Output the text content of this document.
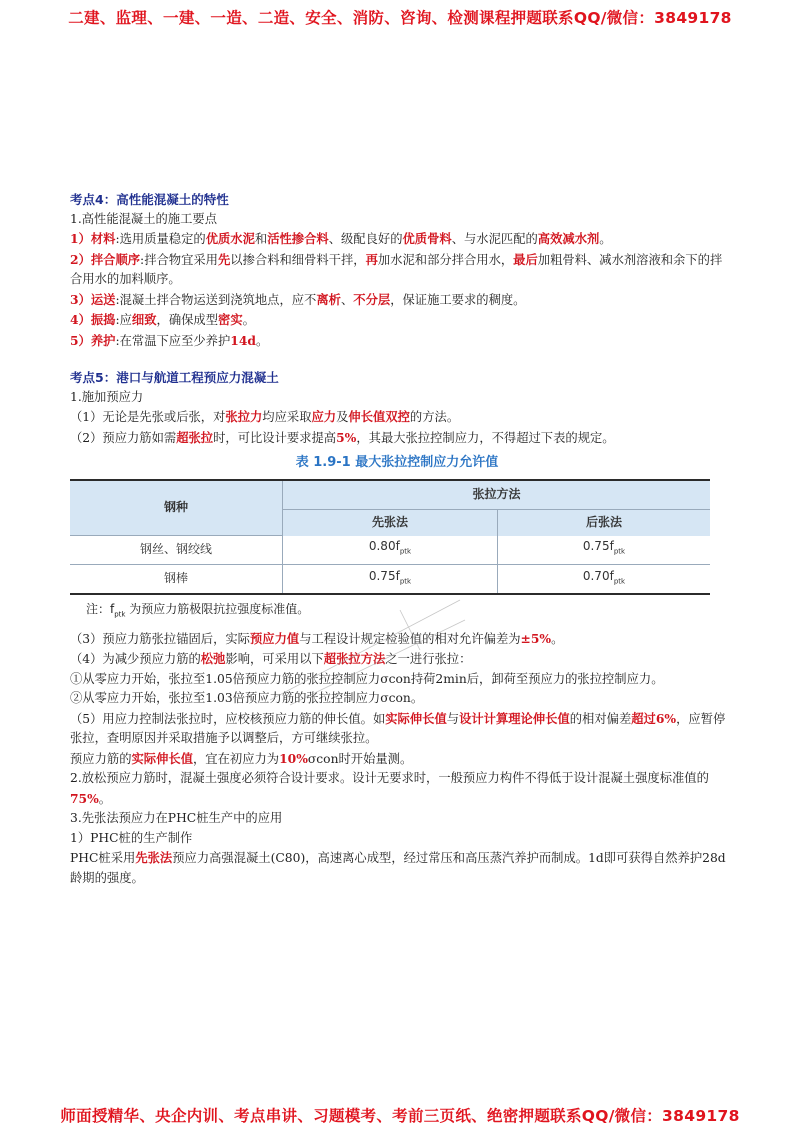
二建、监理、一建、一造、二造、安全、消防、咨询、检测课程押题联系QQ/微信：3849178
考点4：高性能混凝土的特性
1.高性能混凝土的施工要点
1）材料:选用质量稳定的优质水泥和活性掺合料、级配良好的优质骨料、与水泥匹配的高效减水剂。
2）拌合顺序:拌合物宜采用先以掺合料和细骨料干拌，再加水泥和部分拌合用水，最后加粗骨料、减水剂溶液和余下的拌合用水的加料顺序。
3）运送:混凝土拌合物运送到浇筑地点，应不离析、不分层，保证施工要求的稠度。
4）振捣:应细致，确保成型密实。
5）养护:在常温下应至少养护14d。
考点5：港口与航道工程预应力混凝土
1.施加预应力
（1）无论是先张或后张，对张拉力均应采取应力及伸长值双控的方法。
（2）预应力筋如需超张拉时，可比设计要求提高5%，其最大张拉控制应力，不得超过下表的规定。
表 1.9-1 最大张拉控制应力允许值
钢种	张拉方法	
	先张法	后张法
钢丝、钢绞线	$0.80f_{ptk}$	$0.75f_{ptk}$
钢棒	$0.75f_{ptk}$	$0.70f_{ptk}$
注：$f_{ptk}$ 为预应力筋极限抗拉强度标准值。
（3）预应力筋张拉锚固后，实际预应力值与工程设计规定检验值的相对允许偏差为±5%。
（4）为减少预应力筋的松弛影响，可采用以下超张拉方法之一进行张拉：
①从零应力开始，张拉至1.05倍预应力筋的张拉控制应力σcon持荷2min后，卸荷至预应力的张拉控制应力。
②从零应力开始，张拉至1.03倍预应力筋的张拉控制应力σcon。
（5）用应力控制法张拉时，应校核预应力筋的伸长值。如实际伸长值与设计计算理论伸长值的相对偏差超过6%，应暂停张拉，查明原因并采取措施予以调整后，方可继续张拉。
预应力筋的实际伸长值，宜在初应力为10%σcon时开始量测。
2.放松预应力筋时，混凝土强度必须符合设计要求。设计无要求时，一般预应力构件不得低于设计混凝土强度标准值的75%。
3.先张法预应力在PHC桩生产中的应用
1）PHC桩的生产制作
PHC桩采用先张法预应力高强混凝土(C80)，高速离心成型，经过常压和高压蒸汽养护而制成。1d即可获得自然养护28d龄期的强度。
师面授精华、央企内训、考点串讲、习题模考、考前三页纸、绝密押题联系QQ/微信：3849178
